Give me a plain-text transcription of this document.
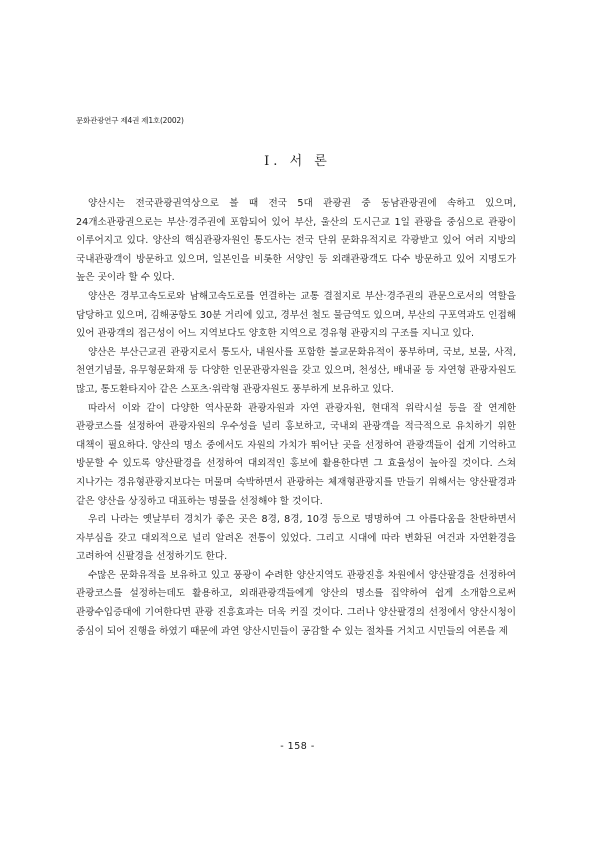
문화관광연구 제4권 제1호(2002)
Ⅰ. 서 론

양산시는 전국관광권역상으로 볼 때 전국 5대 관광권 중 동남관광권에 속하고 있으며, 24개소관광권으로는 부산·경주권에 포함되어 있어 부산, 울산의 도시근교 1일 관광을 중심으로 관광이 이루어지고 있다. 양산의 핵심관광자원인 통도사는 전국 단위 문화유적지로 각광받고 있어 여러 지방의 국내관광객이 방문하고 있으며, 일본인을 비롯한 서양인 등 외래관광객도 다수 방문하고 있어 지명도가 높은 곳이라 할 수 있다.

양산은 경부고속도로와 남해고속도로를 연결하는 교통 결절지로 부산·경주권의 관문으로서의 역할을 담당하고 있으며, 김해공항도 30분 거리에 있고, 경부선 철도 물금역도 있으며, 부산의 구포역과도 인접해 있어 관광객의 접근성이 어느 지역보다도 양호한 지역으로 경유형 관광지의 구조를 지니고 있다.

양산은 부산근교권 관광지로서 통도사, 내원사를 포함한 불교문화유적이 풍부하며, 국보, 보물, 사적, 천연기념물, 유무형문화재 등 다양한 인문관광자원을 갖고 있으며, 천성산, 배내골 등 자연형 관광자원도 많고, 통도환타지아 같은 스포츠·위락형 관광자원도 풍부하게 보유하고 있다.

따라서 이와 같이 다양한 역사문화 관광자원과 자연 관광자원, 현대적 위락시설 등을 잘 연계한 관광코스를 설정하여 관광자원의 우수성을 널리 홍보하고, 국내외 관광객을 적극적으로 유치하기 위한 대책이 필요하다. 양산의 명소 중에서도 자원의 가치가 뛰어난 곳을 선정하여 관광객들이 쉽게 기억하고 방문할 수 있도록 양산팔경을 선정하여 대외적인 홍보에 활용한다면 그 효율성이 높아질 것이다. 스쳐 지나가는 경유형관광지보다는 머물며 숙박하면서 관광하는 체재형관광지를 만들기 위해서는 양산팔경과 같은 양산을 상징하고 대표하는 명물을 선정해야 할 것이다.

우리 나라는 옛날부터 경치가 좋은 곳은 8경, 8경, 10경 등으로 명명하여 그 아름다움을 찬탄하면서 자부심을 갖고 대외적으로 널리 알려온 전통이 있었다. 그리고 시대에 따라 변화된 여건과 자연환경을 고려하여 신팔경을 선정하기도 한다.

수많은 문화유적을 보유하고 있고 풍광이 수려한 양산지역도 관광진흥 차원에서 양산팔경을 선정하여 관광코스를 설정하는데도 활용하고, 외래관광객들에게 양산의 명소를 집약하여 쉽게 소개함으로써 관광수입증대에 기여한다면 관광 진흥효과는 더욱 커질 것이다. 그러나 양산팔경의 선정에서 양산시청이 중심이 되어 진행을 하였기 때문에 과연 양산시민들이 공감할 수 있는 절차를 거치고 시민들의 여론을 제

- 158 -
